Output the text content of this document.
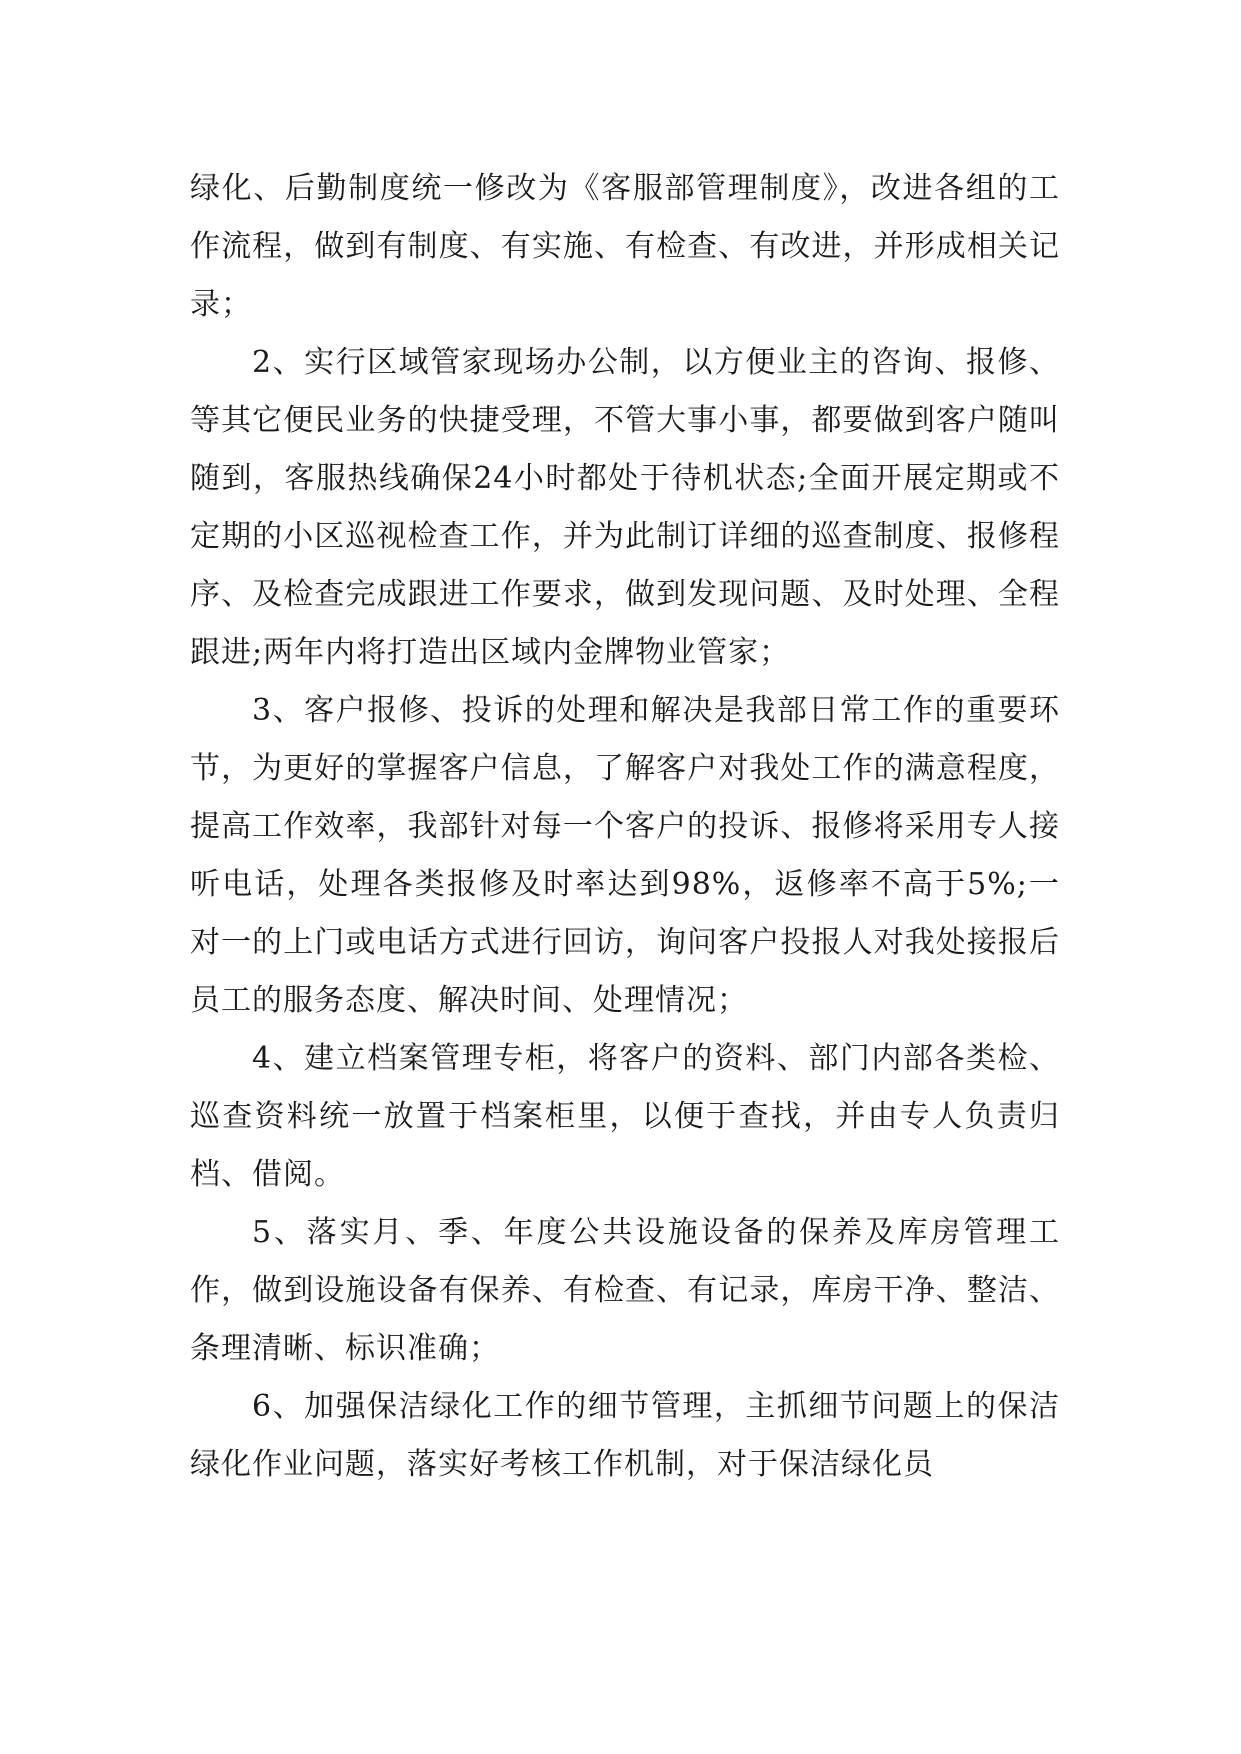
绿化、后勤制度统一修改为《客服部管理制度》，改进各组的工作流程，做到有制度、有实施、有检查、有改进，并形成相关记录；

2、实行区域管家现场办公制，以方便业主的咨询、报修、等其它便民业务的快捷受理，不管大事小事，都要做到客户随叫随到，客服热线确保24小时都处于待机状态;全面开展定期或不定期的小区巡视检查工作，并为此制订详细的巡查制度、报修程序、及检查完成跟进工作要求，做到发现问题、及时处理、全程跟进;两年内将打造出区域内金牌物业管家；

3、客户报修、投诉的处理和解决是我部日常工作的重要环节，为更好的掌握客户信息，了解客户对我处工作的满意程度，提高工作效率，我部针对每一个客户的投诉、报修将采用专人接听电话，处理各类报修及时率达到98%，返修率不高于5%;一对一的上门或电话方式进行回访，询问客户投报人对我处接报后员工的服务态度、解决时间、处理情况；

4、建立档案管理专柜，将客户的资料、部门内部各类检、巡查资料统一放置于档案柜里，以便于查找，并由专人负责归档、借阅。

5、落实月、季、年度公共设施设备的保养及库房管理工作，做到设施设备有保养、有检查、有记录，库房干净、整洁、条理清晰、标识准确；

6、加强保洁绿化工作的细节管理，主抓细节问题上的保洁绿化作业问题，落实好考核工作机制，对于保洁绿化员
